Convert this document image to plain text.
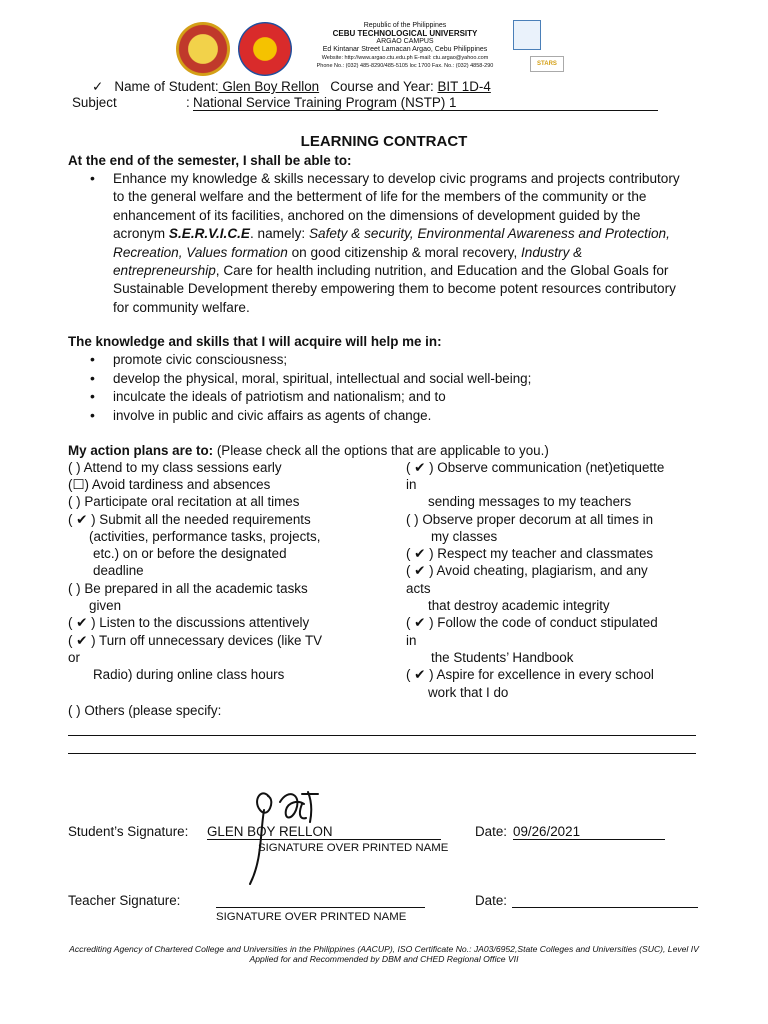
Republic of the Philippines
CEBU TECHNOLOGICAL UNIVERSITY
ARGAO CAMPUS
Ed Kintanar Street Lamacan Argao, Cebu Philippines
Website: http://www.argao.ctu.edu.ph E-mail: ctu.argao@yahoo.com
Phone No.: (032) 485-8290/485-5105 loc 1700 Fax. No.: (032) 4858-290	STARS
✓ Name of Student: Glen Boy Rellon Course and Year: BIT 1D-4
Subject	: National Service Training Program (NSTP) 1
LEARNING CONTRACT
At the end of the semester, I shall be able to:
• Enhance my knowledge & skills necessary to develop civic programs and projects contributory to the general welfare and the betterment of life for the members of the community or the enhancement of its facilities, anchored on the dimensions of development guided by the acronym S.E.R.V.I.C.E. namely: Safety & security, Environmental Awareness and Protection, Recreation, Values formation on good citizenship & moral recovery, Industry & entrepreneurship, Care for health including nutrition, and Education and the Global Goals for Sustainable Development thereby empowering them to become potent resources contributory for community welfare.
The knowledge and skills that I will acquire will help me in:
• promote civic consciousness;
• develop the physical, moral, spiritual, intellectual and social well-being;
• inculcate the ideals of patriotism and nationalism; and to
• involve in public and civic affairs as agents of change.
My action plans are to: (Please check all the options that are applicable to you.)
( ) Attend to my class sessions early
(☐) Avoid tardiness and absences
( ) Participate oral recitation at all times
( ✔ ) Submit all the needed requirements
(activities, performance tasks, projects,
etc.) on or before the designated
deadline
( ) Be prepared in all the academic tasks
given
( ✔ ) Listen to the discussions attentively
( ✔ ) Turn off unnecessary devices (like TV
or
Radio) during online class hours
( ✔ ) Observe communication (net)etiquette
in
sending messages to my teachers
( ) Observe proper decorum at all times in
my classes
( ✔ ) Respect my teacher and classmates
( ✔ ) Avoid cheating, plagiarism, and any
acts
that destroy academic integrity
( ✔ ) Follow the code of conduct stipulated
in
the Students’ Handbook
( ✔ ) Aspire for excellence in every school
work that I do
( ) Others (please specify:
Student’s Signature: GLEN BOY RELLON	Date: 09/26/2021
SIGNATURE OVER PRINTED NAME
Teacher Signature:	Date:
SIGNATURE OVER PRINTED NAME
Accrediting Agency of Chartered College and Universities in the Philippines (AACUP), ISO Certificate No.: JA03/6952,State Colleges and Universities (SUC), Level IV Applied for and Recommended by DBM and CHED Regional Office VII
